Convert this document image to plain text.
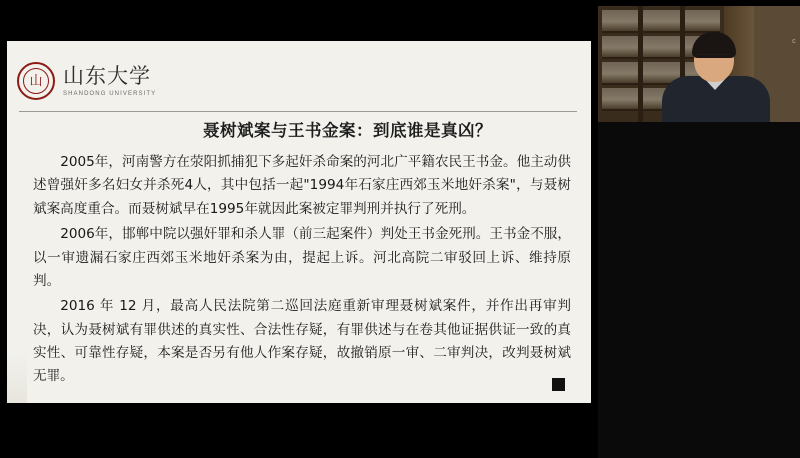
山 山东大学
SHANDONG UNIVERSITY
聂树斌案与王书金案：到底谁是真凶？

2005年，河南警方在荥阳抓捕犯下多起奸杀命案的河北广平籍农民王书金。他主动供述曾强奸多名妇女并杀死4人，其中包括一起"1994年石家庄西郊玉米地奸杀案"，与聂树斌案高度重合。而聂树斌早在1995年就因此案被定罪判刑并执行了死刑。

2006年，邯郸中院以强奸罪和杀人罪（前三起案件）判处王书金死刑。王书金不服，以一审遗漏石家庄西郊玉米地奸杀案为由，提起上诉。河北高院二审驳回上诉、维持原判。

2016 年 12 月，最高人民法院第二巡回法庭重新审理聂树斌案件，并作出再审判决，认为聂树斌有罪供述的真实性、合法性存疑，有罪供述与在卷其他证据供证一致的真实性、可靠性存疑，本案是否另有他人作案存疑，故撤销原一审、二审判决，改判聂树斌无罪。

c
